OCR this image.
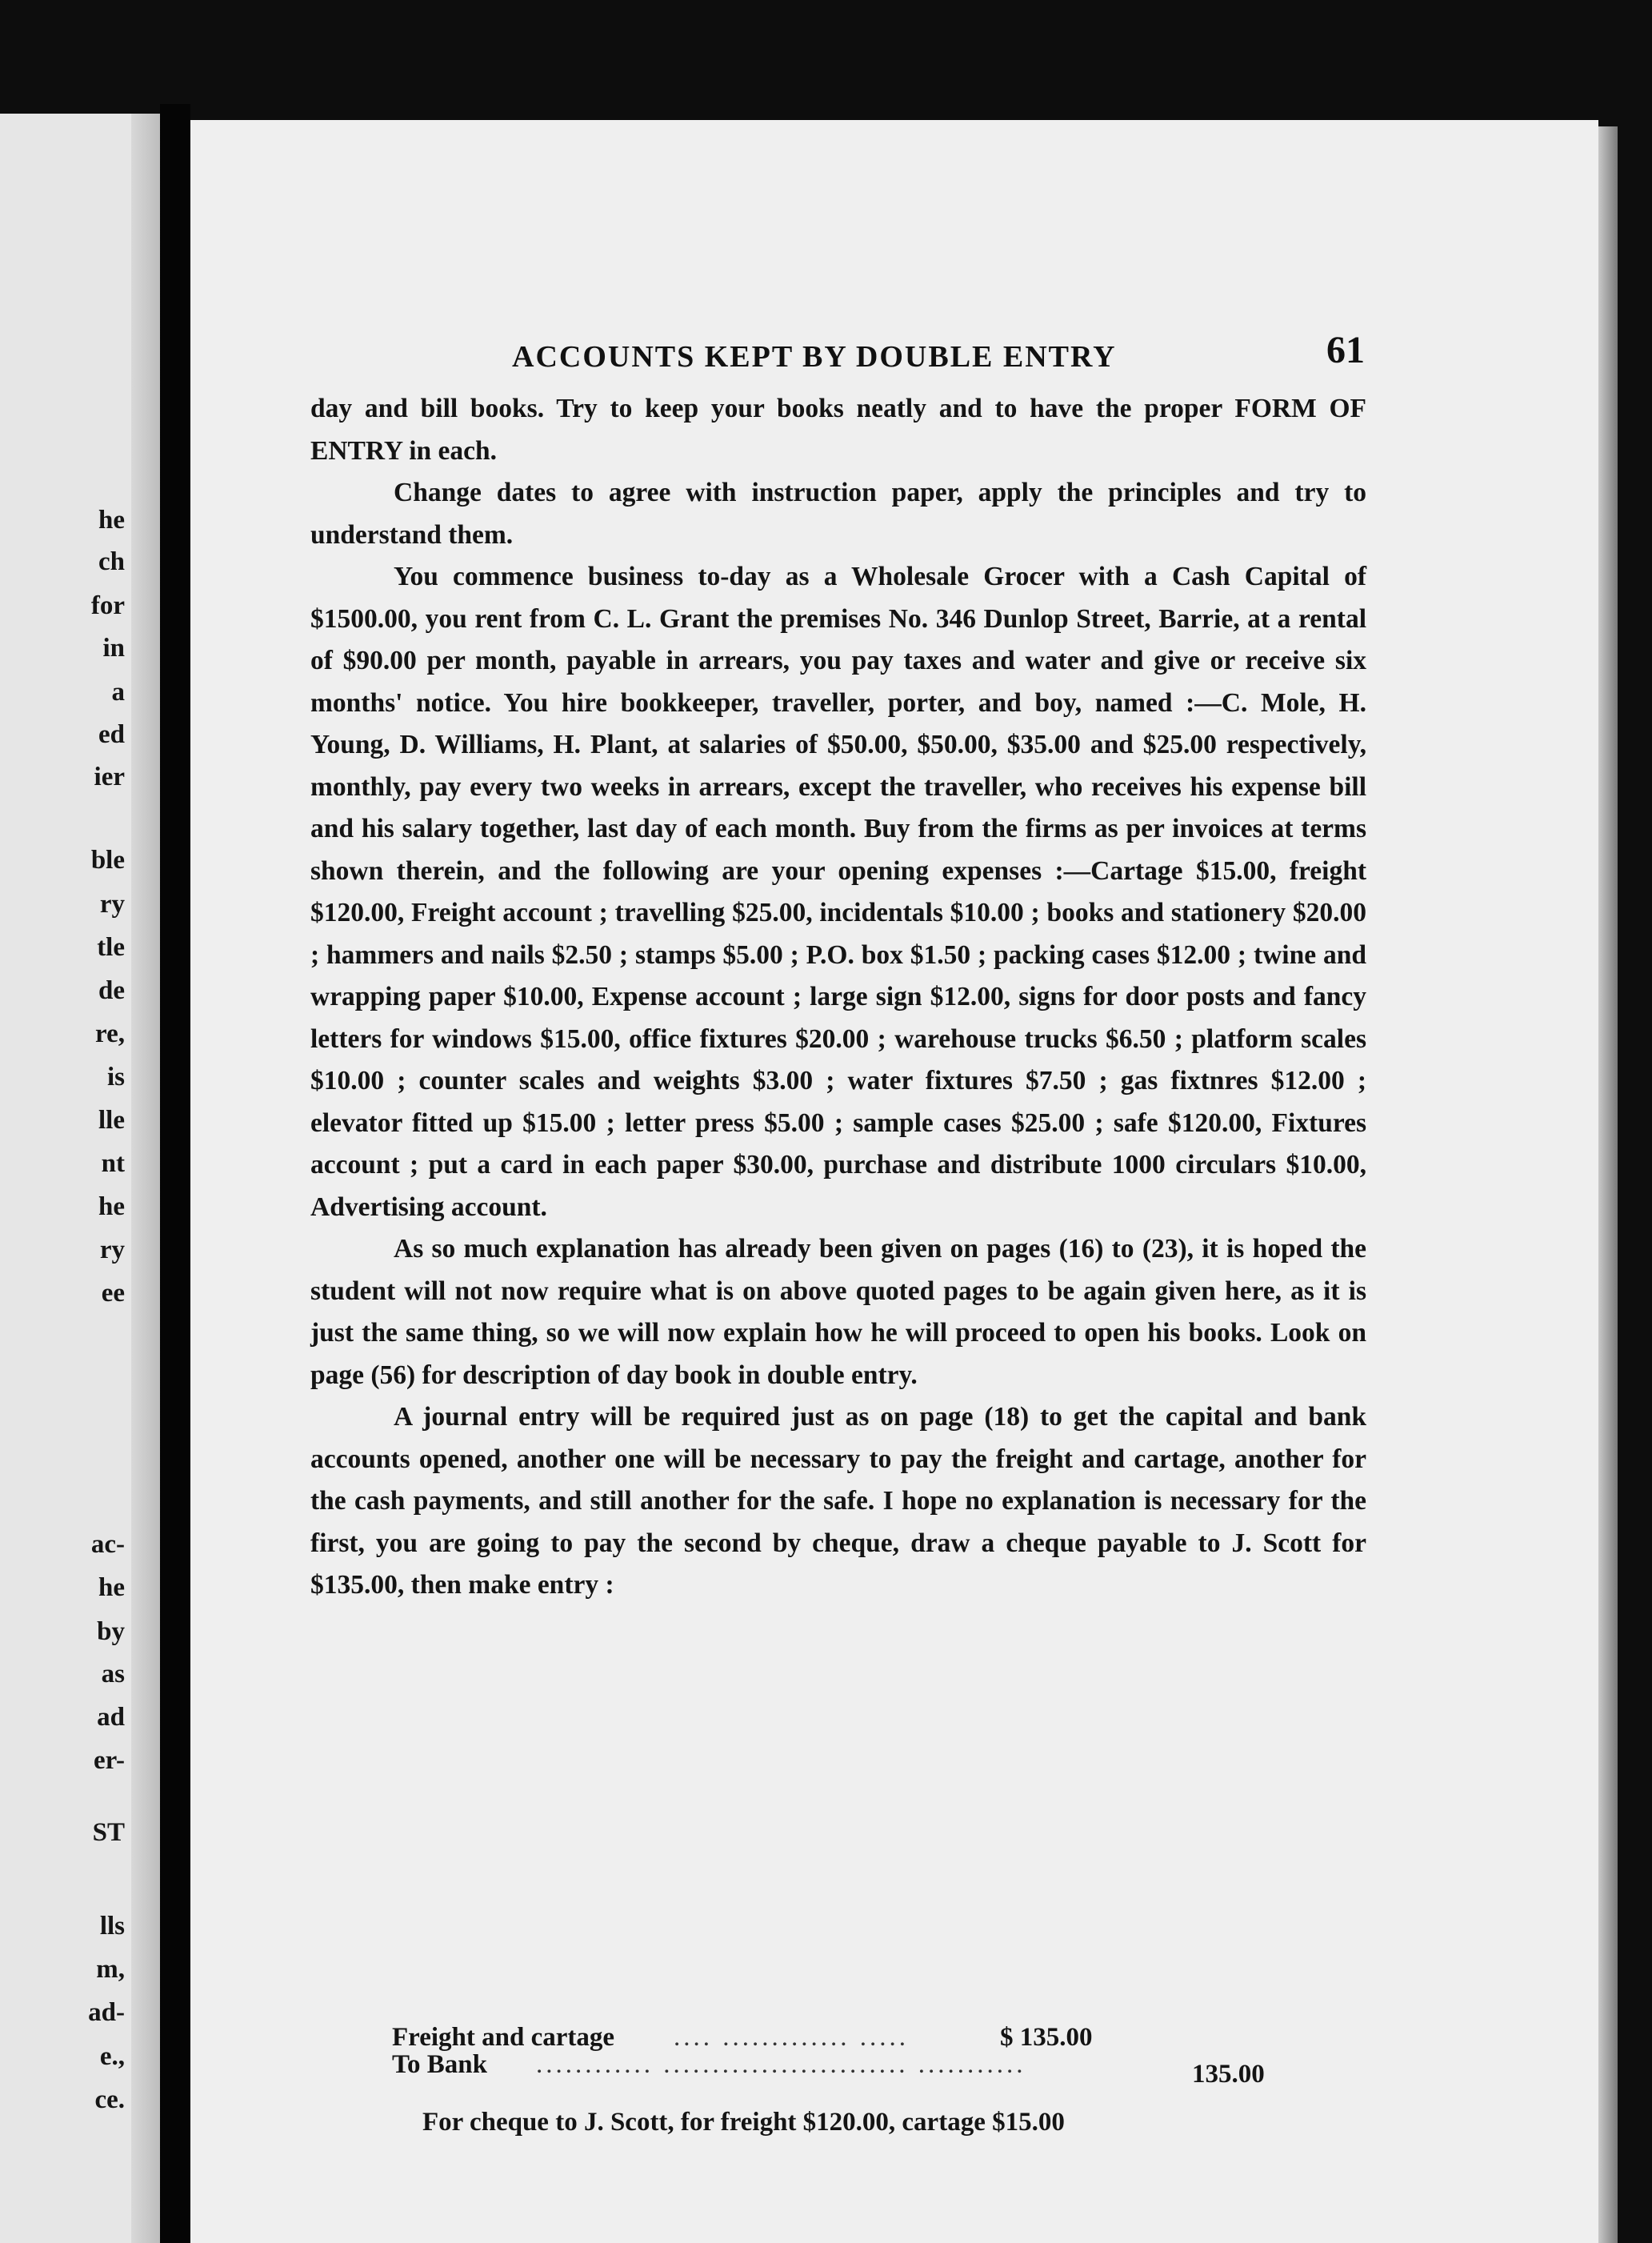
he
ch
for
in
a
ed
ier
ble
ry
tle
de
re,
is
lle
nt
he
ry
ee
ac-
he
by
as
ad
er-
ST
lls
m,
ad-
e.,
ce.
ACCOUNTS KEPT BY DOUBLE ENTRY	61

day and bill books. Try to keep your books neatly and to have the proper FORM OF ENTRY in each.

Change dates to agree with instruction paper, apply the principles and try to understand them.

You commence business to-day as a Wholesale Grocer with a Cash Capital of $1500.00, you rent from C. L. Grant the premises No. 346 Dunlop Street, Barrie, at a rental of $90.00 per month, payable in arrears, you pay taxes and water and give or receive six months' notice. You hire bookkeeper, traveller, porter, and boy, named :—C. Mole, H. Young, D. Williams, H. Plant, at salaries of $50.00, $50.00, $35.00 and $25.00 respectively, monthly, pay every two weeks in arrears, except the traveller, who receives his expense bill and his salary together, last day of each month. Buy from the firms as per invoices at terms shown therein, and the following are your opening expenses :—Cartage $15.00, freight $120.00, Freight account ; travelling $25.00, incidentals $10.00 ; books and stationery $20.00 ; hammers and nails $2.50 ; stamps $5.00 ; P.O. box $1.50 ; packing cases $12.00 ; twine and wrapping paper $10.00, Expense account ; large sign $12.00, signs for door posts and fancy letters for windows $15.00, office fixtures $20.00 ; warehouse trucks $6.50 ; platform scales $10.00 ; counter scales and weights $3.00 ; water fixtures $7.50 ; gas fixtnres $12.00 ; elevator fitted up $15.00 ; letter press $5.00 ; sample cases $25.00 ; safe $120.00, Fixtures account ; put a card in each paper $30.00, purchase and distribute 1000 circulars $10.00, Advertising account.

As so much explanation has already been given on pages (16) to (23), it is hoped the student will not now require what is on above quoted pages to be again given here, as it is just the same thing, so we will now explain how he will proceed to open his books. Look on page (56) for description of day book in double entry.

A journal entry will be required just as on page (18) to get the capital and bank accounts opened, another one will be necessary to pay the freight and cartage, another for the cash payments, and still another for the safe. I hope no explanation is necessary for the first, you are going to pay the second by cheque, draw a cheque payable to J. Scott for $135.00, then make entry :

Freight and cartage .... ............. .....	$ 135.00
To Bank ............ ......................... ...........	135.00
For cheque to J. Scott, for freight $120.00, cartage $15.00
